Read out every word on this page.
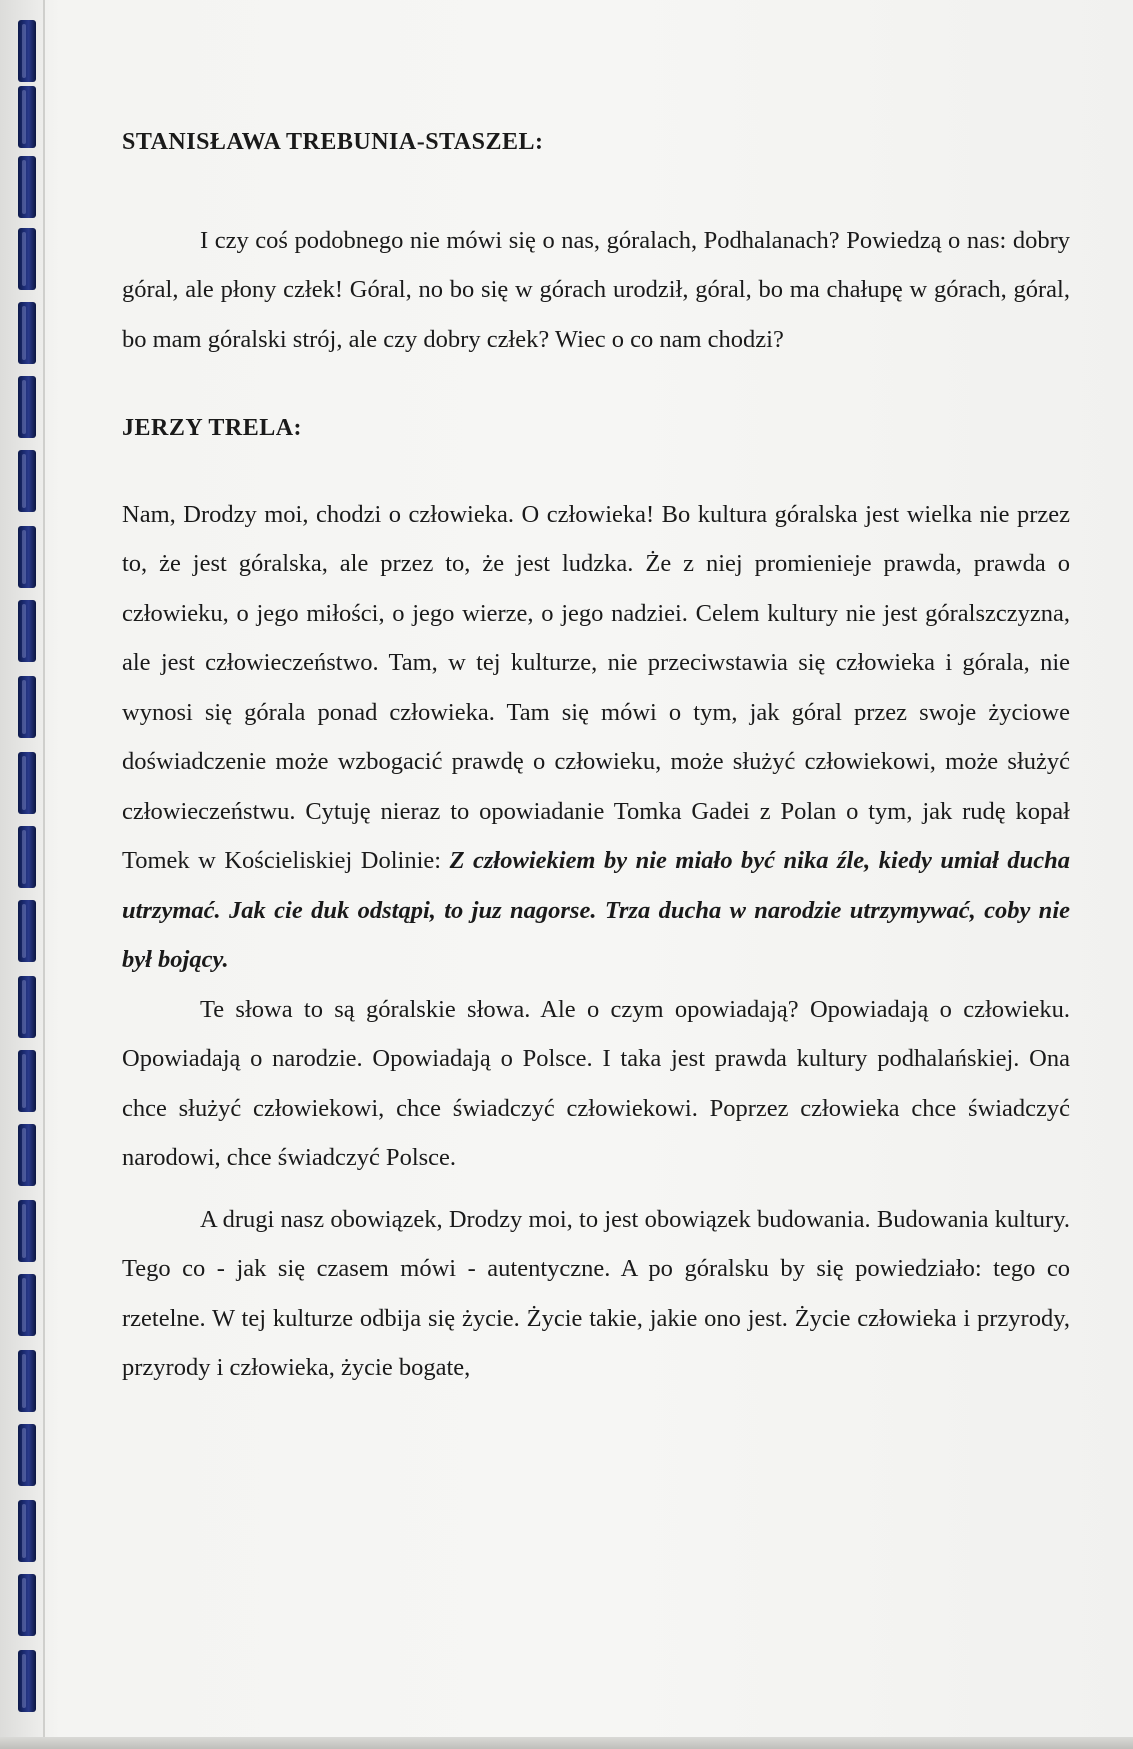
STANISŁAWA TREBUNIA-STASZEL:

I czy coś podobnego nie mówi się o nas, góralach, Podhalanach? Powiedzą o nas: dobry góral, ale płony człek! Góral, no bo się w górach urodził, góral, bo ma chałupę w górach, góral, bo mam góralski strój, ale czy dobry człek? Wiec o co nam chodzi?

JERZY TRELA:

Nam, Drodzy moi, chodzi o człowieka. O człowieka! Bo kultura góralska jest wielka nie przez to, że jest góralska, ale przez to, że jest ludzka. Że z niej promienieje prawda, prawda o człowieku, o jego miłości, o jego wierze, o jego nadziei. Celem kultury nie jest góralszczyzna, ale jest człowieczeństwo. Tam, w tej kulturze, nie przeciwstawia się człowieka i górala, nie wynosi się górala ponad człowieka. Tam się mówi o tym, jak góral przez swoje życiowe doświadczenie może wzbogacić prawdę o człowieku, może służyć człowiekowi, może służyć człowieczeństwu. Cytuję nieraz to opowiadanie Tomka Gadei z Polan o tym, jak rudę kopał Tomek w Kościeliskiej Dolinie: Z człowiekiem by nie miało być nika źle, kiedy umiał ducha utrzymać. Jak cie duk odstąpi, to juz nagorse. Trza ducha w narodzie utrzymywać, coby nie był bojący.

Te słowa to są góralskie słowa. Ale o czym opowiadają? Opowiadają o człowieku. Opowiadają o narodzie. Opowiadają o Polsce. I taka jest prawda kultury podhalańskiej. Ona chce służyć człowiekowi, chce świadczyć człowiekowi. Poprzez człowieka chce świadczyć narodowi, chce świadczyć Polsce.

A drugi nasz obowiązek, Drodzy moi, to jest obowiązek budowania. Budowania kultury. Tego co - jak się czasem mówi - autentyczne. A po góralsku by się powiedziało: tego co rzetelne. W tej kulturze odbija się życie. Życie takie, jakie ono jest. Życie człowieka i przyrody, przyrody i człowieka, życie bogate,
